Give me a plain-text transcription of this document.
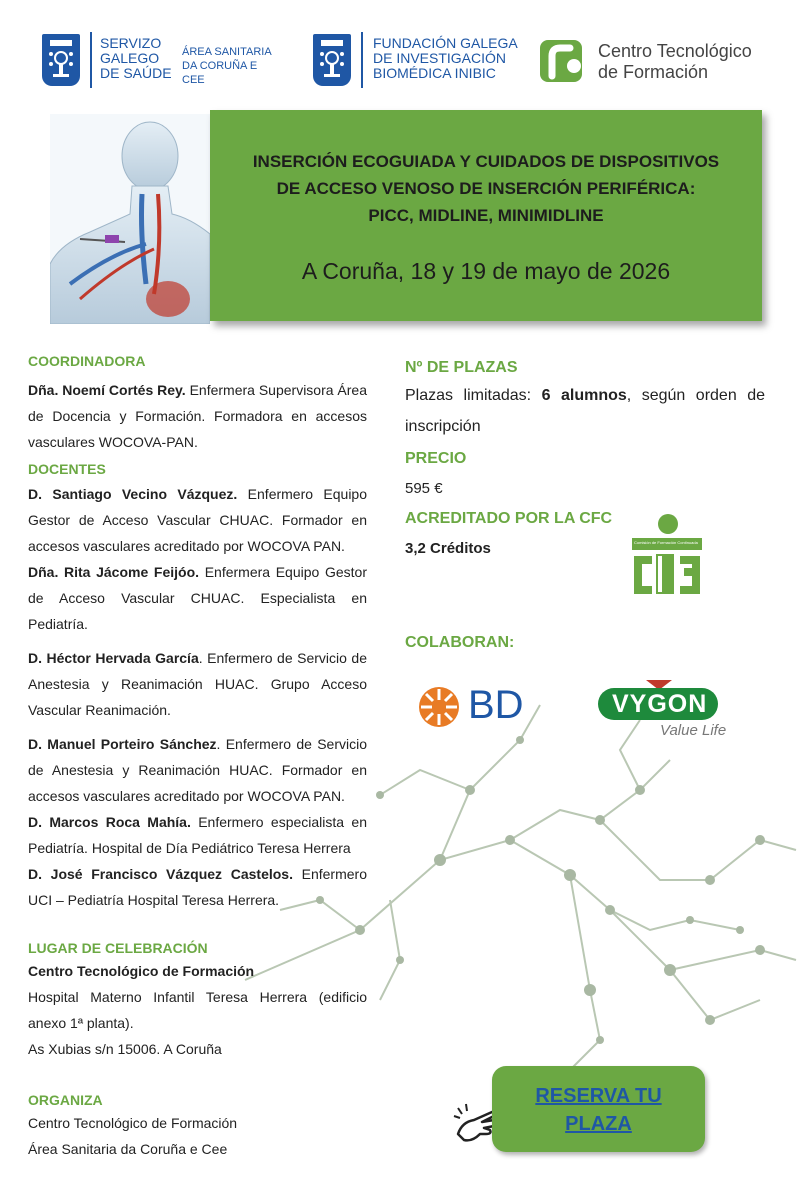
SERVIZO
GALEGO
DE SAÚDE
ÁREA SANITARIA
DA CORUÑA E CEE
FUNDACIÓN GALEGA
DE INVESTIGACIÓN
BIOMÉDICA INIBIC
Centro Tecnológico
de Formación
INSERCIÓN ECOGUIADA Y CUIDADOS DE DISPOSITIVOS
DE ACCESO VENOSO DE INSERCIÓN PERIFÉRICA:
PICC, MIDLINE, MINIMIDLINE
A Coruña, 18 y 19 de mayo de 2026
COORDINADORA
Dña. Noemí Cortés Rey. Enfermera Supervisora Área de Docencia y Formación. Formadora en accesos vasculares WOCOVA-PAN.
DOCENTES
D. Santiago Vecino Vázquez. Enfermero Equipo Gestor de Acceso Vascular CHUAC. Formador en accesos vasculares acreditado por WOCOVA PAN.
Dña. Rita Jácome Feijóo. Enfermera Equipo Gestor de Acceso Vascular CHUAC. Especialista en Pediatría.
D. Héctor Hervada García. Enfermero de Servicio de Anestesia y Reanimación HUAC. Grupo Acceso Vascular Reanimación.
D. Manuel Porteiro Sánchez. Enfermero de Servicio de Anestesia y Reanimación HUAC. Formador en accesos vasculares acreditado por WOCOVA PAN.
D. Marcos Roca Mahía. Enfermero especialista en Pediatría. Hospital de Día Pediátrico Teresa Herrera
D. José Francisco Vázquez Castelos. Enfermero UCI – Pediatría Hospital Teresa Herrera.
LUGAR DE CELEBRACIÓN
Centro Tecnológico de Formación
Hospital Materno Infantil Teresa Herrera (edificio anexo 1ª planta).
As Xubias s/n 15006. A Coruña
ORGANIZA
Centro Tecnológico de Formación
Área Sanitaria da Coruña e Cee
Nº DE PLAZAS
Plazas limitadas: 6 alumnos, según orden de inscripción
PRECIO
595 €
ACREDITADO POR LA CFC
3,2 Créditos
COLABORAN:
Comisión de Formación Continuada
BD	VYGON
Value Life
RESERVA TU
PLAZA
